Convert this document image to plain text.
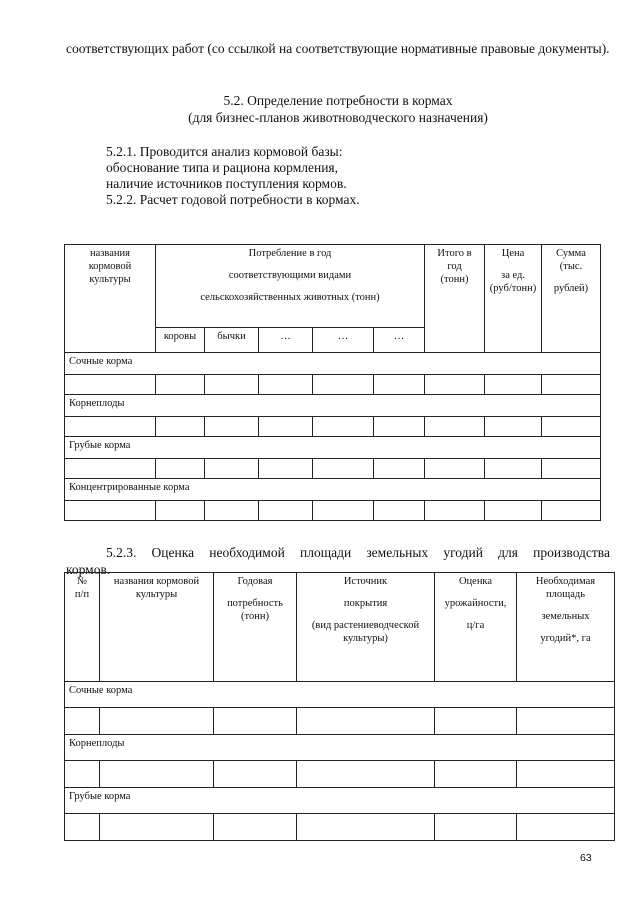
соответствующих работ (со ссылкой на соответствующие нормативные правовые документы).

5.2. Определение потребности в кормах

(для бизнес-планов животноводческого назначения)

5.2.1. Проводится анализ кормовой базы:
обоснование типа и рациона кормления,
наличие источников поступления кормов.
5.2.2. Расчет годовой потребности в кормах.
названия
кормовой
культуры	Потребление в год
соответствующими видами
сельскохозяйственных животных (тонн)					Итого в
год
(тонн)	Цена
за ед.
(руб/тонн)	Сумма
(тыс.
рублей)

	коровы	бычки	…	…	…			
Сочные корма								

Корнеплоды								

Грубые корма								

Концентрированные корма								

5.2.3. Оценка необходимой площади земельных угодий для производства кормов.

№
п/п	названия кормовой
культуры	Годовая
потребность
(тонн)	Источник
покрытия
(вид растениеводческой
культуры)	Оценка
урожайности,
ц/га	Необходимая
площадь
земельных
угодий*, га

Сочные корма					

Корнеплоды					

Грубые корма					

63
